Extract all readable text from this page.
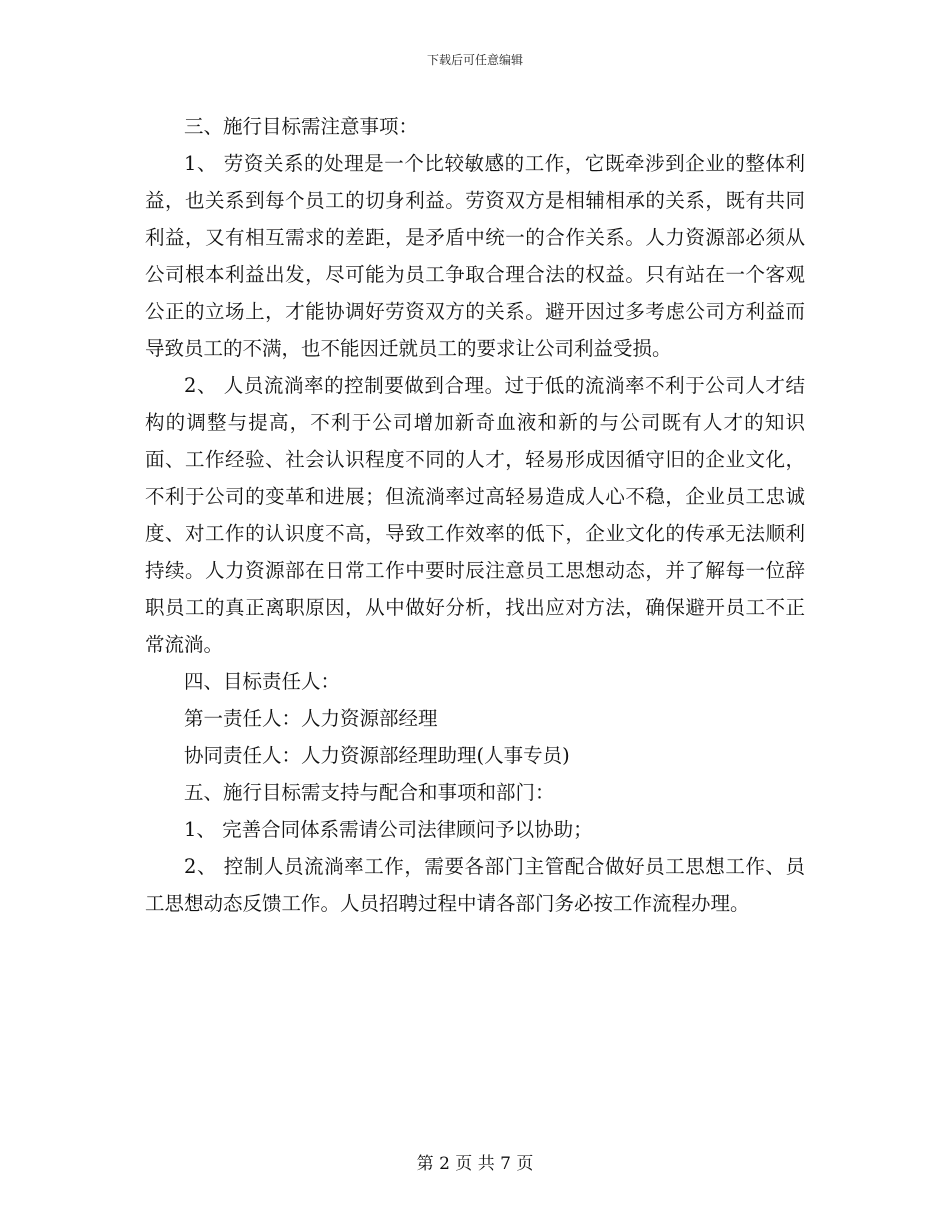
下载后可任意编辑

三、施行目标需注意事项：

1、 劳资关系的处理是一个比较敏感的工作，它既牵涉到企业的整体利益，也关系到每个员工的切身利益。劳资双方是相辅相承的关系，既有共同利益，又有相互需求的差距，是矛盾中统一的合作关系。人力资源部必须从公司根本利益出发，尽可能为员工争取合理合法的权益。只有站在一个客观公正的立场上，才能协调好劳资双方的关系。避开因过多考虑公司方利益而导致员工的不满，也不能因迁就员工的要求让公司利益受损。

2、 人员流淌率的控制要做到合理。过于低的流淌率不利于公司人才结构的调整与提高，不利于公司增加新奇血液和新的与公司既有人才的知识面、工作经验、社会认识程度不同的人才，轻易形成因循守旧的企业文化，不利于公司的变革和进展；但流淌率过高轻易造成人心不稳，企业员工忠诚度、对工作的认识度不高，导致工作效率的低下，企业文化的传承无法顺利持续。人力资源部在日常工作中要时辰注意员工思想动态，并了解每一位辞职员工的真正离职原因，从中做好分析，找出应对方法，确保避开员工不正常流淌。

四、目标责任人：

第一责任人：人力资源部经理

协同责任人：人力资源部经理助理(人事专员)

五、施行目标需支持与配合和事项和部门：

1、 完善合同体系需请公司法律顾问予以协助；

2、 控制人员流淌率工作，需要各部门主管配合做好员工思想工作、员工思想动态反馈工作。人员招聘过程中请各部门务必按工作流程办理。

第 2 页 共 7 页
